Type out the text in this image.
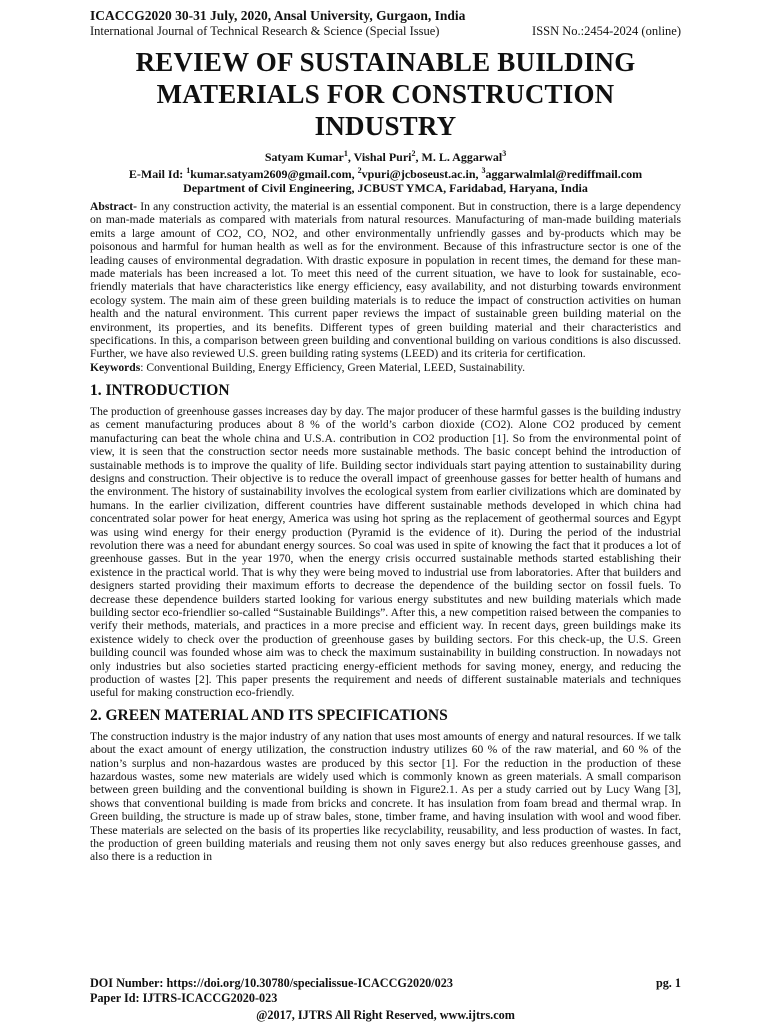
ICACCG2020 30-31 July, 2020, Ansal University, Gurgaon, India
International Journal of Technical Research & Science (Special Issue)	ISSN No.:2454-2024 (online)
REVIEW OF SUSTAINABLE BUILDING MATERIALS FOR CONSTRUCTION INDUSTRY
Satyam Kumar$^1$, Vishal Puri$^2$, M. L. Aggarwal$^3$
E-Mail Id: $^1$kumar.satyam2609@gmail.com, $^2$vpuri@jcboseust.ac.in, $^3$aggarwalmlal@rediffmail.com
Department of Civil Engineering, JCBUST YMCA, Faridabad, Haryana, India
Abstract- In any construction activity, the material is an essential component. But in construction, there is a large dependency on man-made materials as compared with materials from natural resources. Manufacturing of man-made building materials emits a large amount of CO2, CO, NO2, and other environmentally unfriendly gasses and by-products which may be poisonous and harmful for human health as well as for the environment. Because of this infrastructure sector is one of the leading causes of environmental degradation. With drastic exposure in population in recent times, the demand for these man-made materials has been increased a lot. To meet this need of the current situation, we have to look for sustainable, eco-friendly materials that have characteristics like energy efficiency, easy availability, and not disturbing towards environment ecology system. The main aim of these green building materials is to reduce the impact of construction activities on human health and the natural environment. This current paper reviews the impact of sustainable green building material on the environment, its properties, and its benefits. Different types of green building material and their characteristics and specifications. In this, a comparison between green building and conventional building on various conditions is also discussed. Further, we have also reviewed U.S. green building rating systems (LEED) and its criteria for certification.
Keywords: Conventional Building, Energy Efficiency, Green Material, LEED, Sustainability.
1. INTRODUCTION
The production of greenhouse gasses increases day by day. The major producer of these harmful gasses is the building industry as cement manufacturing produces about 8 % of the world’s carbon dioxide (CO2). Alone CO2 produced by cement manufacturing can beat the whole china and U.S.A. contribution in CO2 production [1]. So from the environmental point of view, it is seen that the construction sector needs more sustainable methods. The basic concept behind the introduction of sustainable methods is to improve the quality of life. Building sector individuals start paying attention to sustainability during designs and construction. Their objective is to reduce the overall impact of greenhouse gasses for better health of humans and the environment. The history of sustainability involves the ecological system from earlier civilizations which are dominated by humans. In the earlier civilization, different countries have different sustainable methods developed in which china had concentrated solar power for heat energy, America was using hot spring as the replacement of geothermal sources and Egypt was using wind energy for their energy production (Pyramid is the evidence of it). During the period of the industrial revolution there was a need for abundant energy sources. So coal was used in spite of knowing the fact that it produces a lot of greenhouse gasses. But in the year 1970, when the energy crisis occurred sustainable methods started establishing their existence in the practical world. That is why they were being moved to industrial use from laboratories. After that builders and designers started providing their maximum efforts to decrease the dependence of the building sector on fossil fuels. To decrease these dependence builders started looking for various energy substitutes and new building materials which made building sector eco-friendlier so-called “Sustainable Buildings”. After this, a new competition raised between the companies to verify their methods, materials, and practices in a more precise and efficient way. In recent days, green buildings make its existence widely to check over the production of greenhouse gases by building sectors. For this check-up, the U.S. Green building council was founded whose aim was to check the maximum sustainability in building construction. In nowadays not only industries but also societies started practicing energy-efficient methods for saving money, energy, and reducing the production of wastes [2]. This paper presents the requirement and needs of different sustainable materials and techniques useful for making construction eco-friendly.
2. GREEN MATERIAL AND ITS SPECIFICATIONS
The construction industry is the major industry of any nation that uses most amounts of energy and natural resources. If we talk about the exact amount of energy utilization, the construction industry utilizes 60 % of the raw material, and 60 % of the nation’s surplus and non-hazardous wastes are produced by this sector [1]. For the reduction in the production of these hazardous wastes, some new materials are widely used which is commonly known as green materials. A small comparison between green building and the conventional building is shown in Figure2.1. As per a study carried out by Lucy Wang [3], shows that conventional building is made from bricks and concrete. It has insulation from foam bread and thermal wrap. In Green building, the structure is made up of straw bales, stone, timber frame, and having insulation with wool and wood fiber. These materials are selected on the basis of its properties like recyclability, reusability, and less production of wastes. In fact, the production of green building materials and reusing them not only saves energy but also reduces greenhouse gasses, and also there is a reduction in
DOI Number: https://doi.org/10.30780/specialissue-ICACCG2020/023	pg. 1
Paper Id: IJTRS-ICACCG2020-023
@2017, IJTRS All Right Reserved, www.ijtrs.com
